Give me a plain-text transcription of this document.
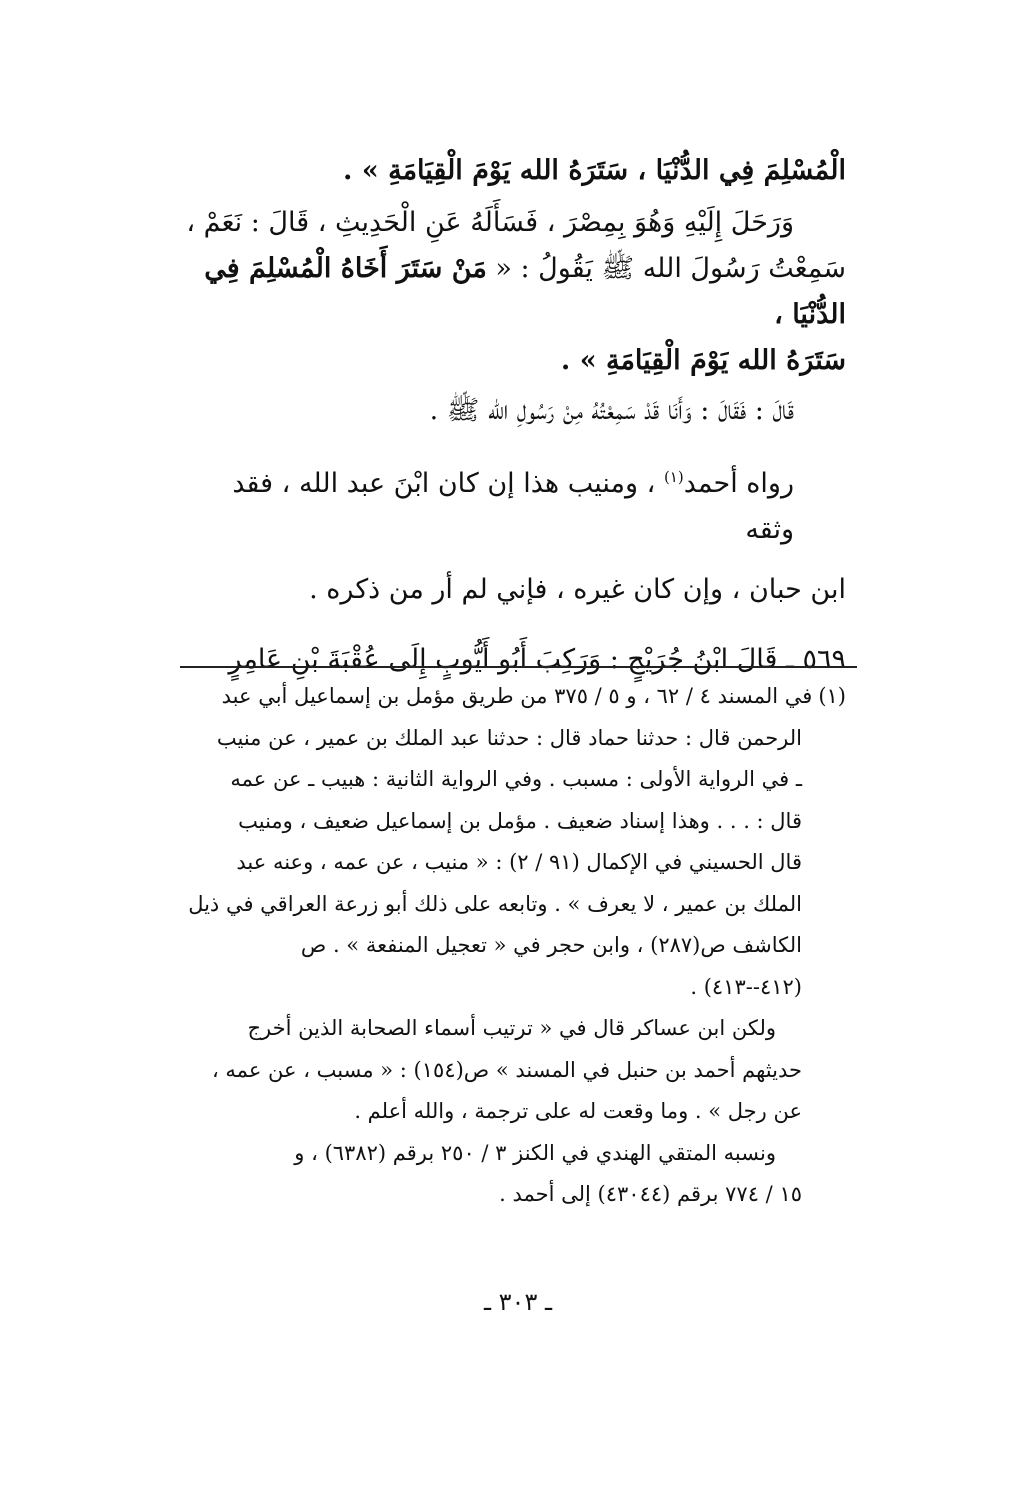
الْمُسْلِمَ فِي الدُّنْيَا ، سَتَرَهُ الله يَوْمَ الْقِيَامَةِ » .

وَرَحَلَ إِلَيْهِ وَهُوَ بِمِصْرَ ، فَسَأَلَهُ عَنِ الْحَدِيثِ ، قَالَ : نَعَمْ ،

سَمِعْتُ رَسُولَ الله ﷺ يَقُولُ : « مَنْ سَتَرَ أَخَاهُ الْمُسْلِمَ فِي الدُّنْيَا ،

سَتَرَهُ الله يَوْمَ الْقِيَامَةِ » .

قَالَ : فَقَالَ : وَأَنَا قَدْ سَمِعْتُهُ مِنْ رَسُولِ الله ﷺ .

رواه أحمد$^{(١)}$ ، ومنيب هذا إن كان ابْنَ عبد الله ، فقد وثقه

ابن حبان ، وإن كان غيره ، فإني لم أر من ذكره .

٥٦٩ ـ قَالَ ابْنُ جُرَيْجٍ : وَرَكِبَ أَبُو أَيُّوبٍ إِلَى عُقْبَةَ بْنِ عَامِرٍ

(١)في المسند ٤ / ٦٢ ، و ٥ / ٣٧٥ من طريق مؤمل بن إسماعيل أبي عبد

الرحمن قال : حدثنا حماد قال : حدثنا عبد الملك بن عمير ، عن منيب

ـ في الرواية الأولى : مسبب . وفي الرواية الثانية : هبيب ـ عن عمه

قال : . . . وهذا إسناد ضعيف . مؤمل بن إسماعيل ضعيف ، ومنيب

قال الحسيني في الإكمال (٩١ / ٢) : « منيب ، عن عمه ، وعنه عبد

الملك بن عمير ، لا يعرف » . وتابعه على ذلك أبو زرعة العراقي في ذيل

الكاشف ص(٢٨٧) ، وابن حجر في « تعجيل المنفعة » . ص

(٤١٢--٤١٣) .

ولكن ابن عساكر قال في « ترتيب أسماء الصحابة الذين أخرج

حديثهم أحمد بن حنبل في المسند » ص(١٥٤) : « مسبب ، عن عمه ،

عن رجل » . وما وقعت له على ترجمة ، والله أعلم .

ونسبه المتقي الهندي في الكنز ٣ / ٢٥٠ برقم (٦٣٨٢) ، و

١٥ / ٧٧٤ برقم (٤٣٠٤٤) إلى أحمد .

ـ ٣٠٣ ـ
